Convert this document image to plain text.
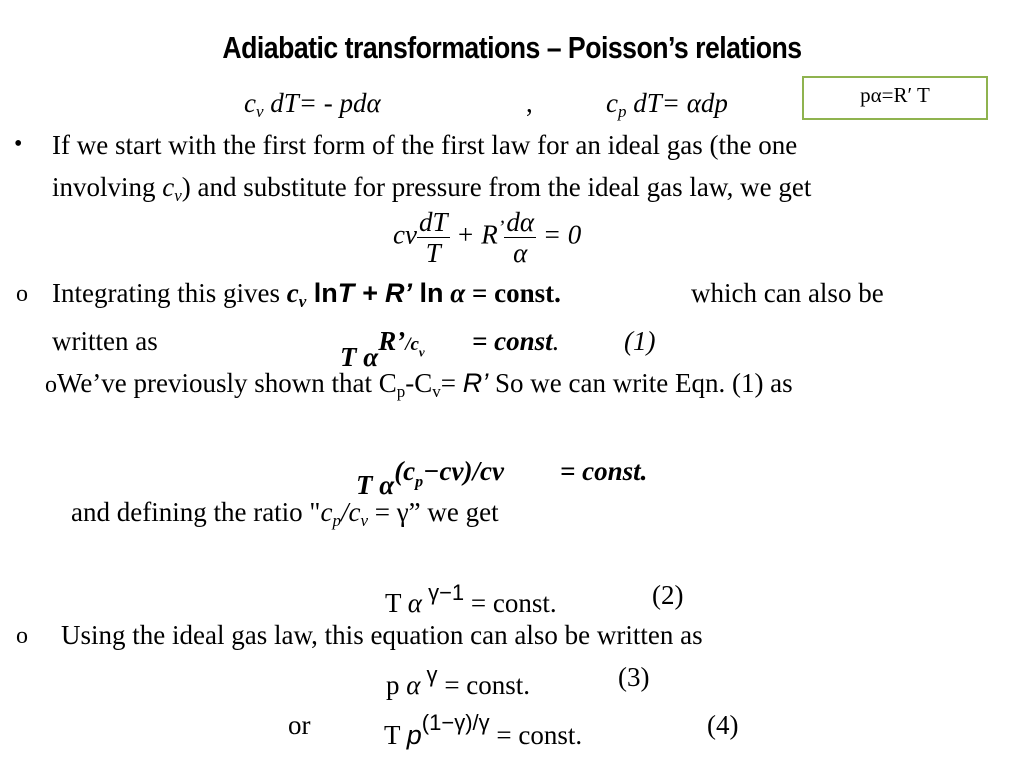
Adiabatic transformations – Poisson’s relations
pα=R′ T
$c_v$ dT= - pdα	,	$c_p$ dT= αdp
• If we start with the first form of the first law for an ideal gas (the one
involving $c_v$) and substitute for pressure from the ideal gas law, we get
cv $\frac{dT}{T} + R^’ \frac{d\alpha}{\alpha} = 0$
o Integrating this gives $c_v$ lnT + R’ ln α = const.	which can also be
written as
T $\alpha^{R’/c_v}$ = const. (1)
oWe’ve previously shown that $C_p-C_v= R$’ So we can write Eqn. (1) as
T $\alpha^{(c_p-cv)/cv}$ = const.
and defining the ratio "$c_p/c_v = \gamma$” we get
T α $^{\gamma-1}$ = const.	(2)
o Using the ideal gas law, this equation can also be written as
p α $^\gamma$ = const.	(3)
or	T $p^{(1-\gamma)/\gamma}$ = const.	(4)
